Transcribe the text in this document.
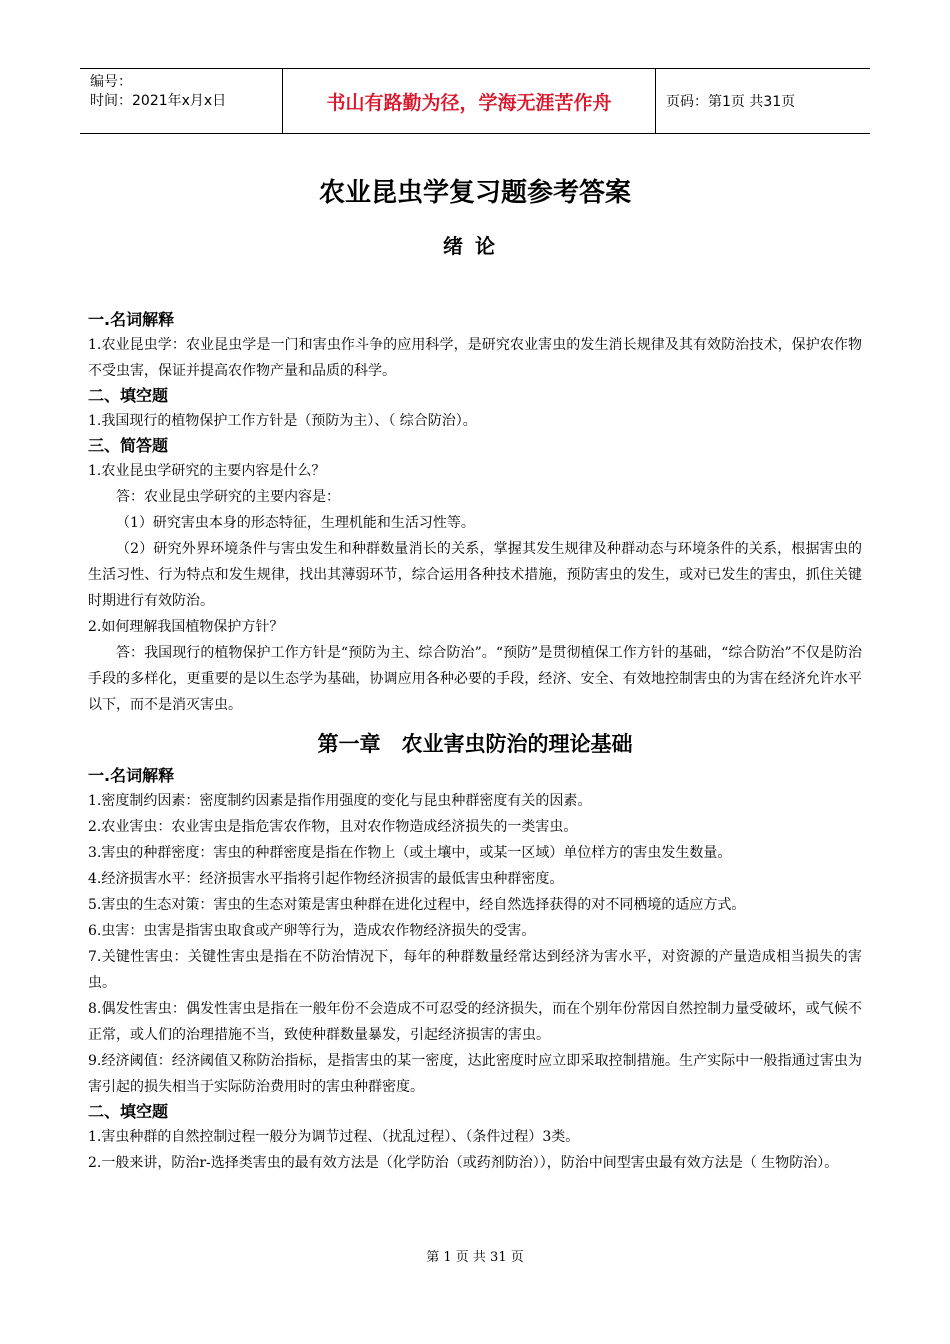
编号：
时间：2021年x月x日	书山有路勤为径，学海无涯苦作舟	页码：第1页 共31页
农业昆虫学复习题参考答案
绪论
一.名词解释
1.农业昆虫学：农业昆虫学是一门和害虫作斗争的应用科学，是研究农业害虫的发生消长规律及其有效防治技术，保护农作物不受虫害，保证并提高农作物产量和品质的科学。
二、填空题
1.我国现行的植物保护工作方针是（预防为主）、（ 综合防治）。
三、简答题
1.农业昆虫学研究的主要内容是什么？
答：农业昆虫学研究的主要内容是：
（1）研究害虫本身的形态特征，生理机能和生活习性等。
（2）研究外界环境条件与害虫发生和种群数量消长的关系，掌握其发生规律及种群动态与环境条件的关系，根据害虫的生活习性、行为特点和发生规律，找出其薄弱环节，综合运用各种技术措施，预防害虫的发生，或对已发生的害虫，抓住关键时期进行有效防治。
2.如何理解我国植物保护方针？
答：我国现行的植物保护工作方针是“预防为主、综合防治”。“预防”是贯彻植保工作方针的基础，“综合防治”不仅是防治手段的多样化，更重要的是以生态学为基础，协调应用各种必要的手段，经济、安全、有效地控制害虫的为害在经济允许水平以下，而不是消灭害虫。
第一章　农业害虫防治的理论基础
一.名词解释
1.密度制约因素：密度制约因素是指作用强度的变化与昆虫种群密度有关的因素。
2.农业害虫：农业害虫是指危害农作物，且对农作物造成经济损失的一类害虫。
3.害虫的种群密度：害虫的种群密度是指在作物上（或土壤中，或某一区域）单位样方的害虫发生数量。
4.经济损害水平：经济损害水平指将引起作物经济损害的最低害虫种群密度。
5.害虫的生态对策：害虫的生态对策是害虫种群在进化过程中，经自然选择获得的对不同栖境的适应方式。
6.虫害：虫害是指害虫取食或产卵等行为，造成农作物经济损失的受害。
7.关键性害虫：关键性害虫是指在不防治情况下，每年的种群数量经常达到经济为害水平，对资源的产量造成相当损失的害虫。
8.偶发性害虫：偶发性害虫是指在一般年份不会造成不可忍受的经济损失，而在个别年份常因自然控制力量受破坏，或气候不正常，或人们的治理措施不当，致使种群数量暴发，引起经济损害的害虫。
9.经济阈值：经济阈值又称防治指标，是指害虫的某一密度，达此密度时应立即采取控制措施。生产实际中一般指通过害虫为害引起的损失相当于实际防治费用时的害虫种群密度。
二、填空题
1.害虫种群的自然控制过程一般分为调节过程、（扰乱过程）、（条件过程）3类。
2.一般来讲，防治r-选择类害虫的最有效方法是（化学防治（或药剂防治）），防治中间型害虫最有效方法是（ 生物防治）。
第 1 页 共 31 页
